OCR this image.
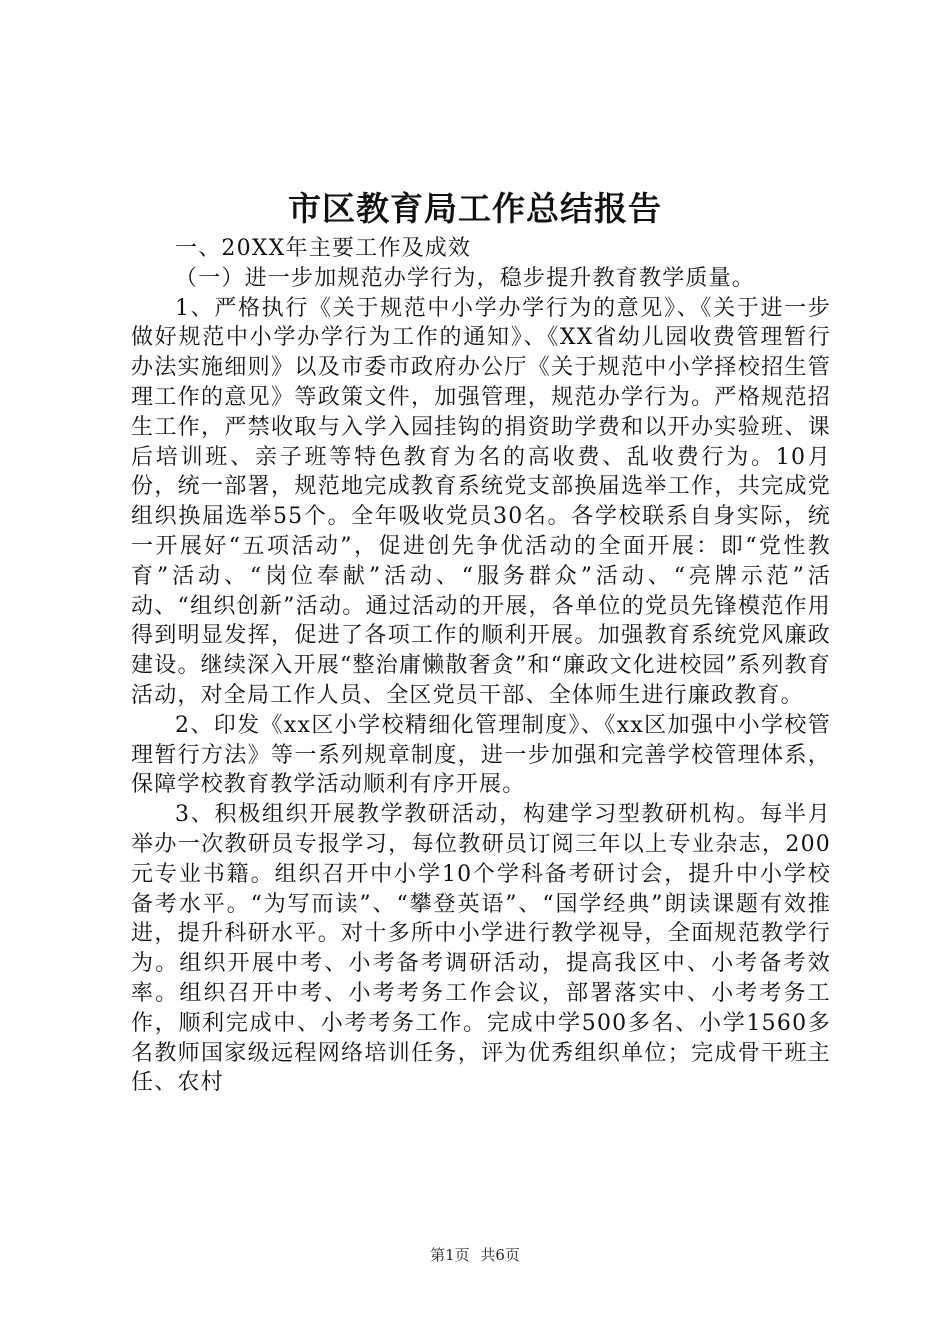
市区教育局工作总结报告

一、20XX年主要工作及成效

（一）进一步加规范办学行为，稳步提升教育教学质量。

1、严格执行《关于规范中小学办学行为的意见》、《关于进一步做好规范中小学办学行为工作的通知》、《XX省幼儿园收费管理暂行办法实施细则》以及市委市政府办公厅《关于规范中小学择校招生管理工作的意见》等政策文件，加强管理，规范办学行为。严格规范招生工作，严禁收取与入学入园挂钩的捐资助学费和以开办实验班、课后培训班、亲子班等特色教育为名的高收费、乱收费行为。10月份，统一部署，规范地完成教育系统党支部换届选举工作，共完成党组织换届选举55个。全年吸收党员30名。各学校联系自身实际，统一开展好“五项活动”，促进创先争优活动的全面开展：即“党性教育”活动、“岗位奉献”活动、“服务群众”活动、“亮牌示范”活动、“组织创新”活动。通过活动的开展，各单位的党员先锋模范作用得到明显发挥，促进了各项工作的顺利开展。加强教育系统党风廉政建设。继续深入开展“整治庸懒散奢贪”和“廉政文化进校园”系列教育活动，对全局工作人员、全区党员干部、全体师生进行廉政教育。

2、印发《xx区小学校精细化管理制度》、《xx区加强中小学校管理暂行方法》等一系列规章制度，进一步加强和完善学校管理体系，保障学校教育教学活动顺利有序开展。

3、积极组织开展教学教研活动，构建学习型教研机构。每半月举办一次教研员专报学习，每位教研员订阅三年以上专业杂志，200元专业书籍。组织召开中小学10个学科备考研讨会，提升中小学校备考水平。“为写而读”、“攀登英语”、“国学经典”朗读课题有效推进，提升科研水平。对十多所中小学进行教学视导，全面规范教学行为。组织开展中考、小考备考调研活动，提高我区中、小考备考效率。组织召开中考、小考考务工作会议，部署落实中、小考考务工作，顺利完成中、小考考务工作。完成中学500多名、小学1560多名教师国家级远程网络培训任务，评为优秀组织单位；完成骨干班主任、农村

第1页 共6页
